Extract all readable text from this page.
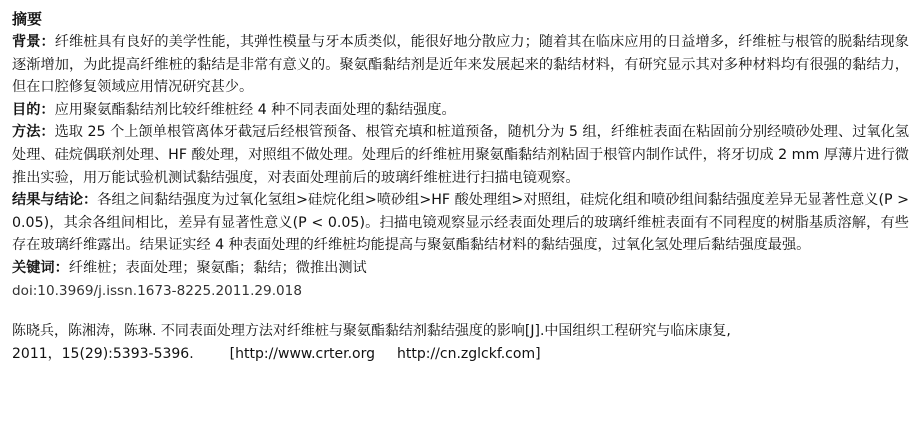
摘要

背景：纤维桩具有良好的美学性能，其弹性模量与牙本质类似，能很好地分散应力；随着其在临床应用的日益增多，纤维桩与根管的脱黏结现象逐渐增加，为此提高纤维桩的黏结是非常有意义的。聚氨酯黏结剂是近年来发展起来的黏结材料，有研究显示其对多种材料均有很强的黏结力，但在口腔修复领域应用情况研究甚少。

目的：应用聚氨酯黏结剂比较纤维桩经 4 种不同表面处理的黏结强度。

方法：选取 25 个上颌单根管离体牙截冠后经根管预备、根管充填和桩道预备，随机分为 5 组，纤维桩表面在粘固前分别经喷砂处理、过氧化氢处理、硅烷偶联剂处理、HF 酸处理，对照组不做处理。处理后的纤维桩用聚氨酯黏结剂粘固于根管内制作试件，将牙切成 2 mm 厚薄片进行微推出实验，用万能试验机测试黏结强度，对表面处理前后的玻璃纤维桩进行扫描电镜观察。

结果与结论：各组之间黏结强度为过氧化氢组>硅烷化组>喷砂组>HF 酸处理组>对照组，硅烷化组和喷砂组间黏结强度差异无显著性意义(P > 0.05)，其余各组间相比，差异有显著性意义(P < 0.05)。扫描电镜观察显示经表面处理后的玻璃纤维桩表面有不同程度的树脂基质溶解，有些存在玻璃纤维露出。结果证实经 4 种表面处理的纤维桩均能提高与聚氨酯黏结材料的黏结强度，过氧化氢处理后黏结强度最强。

关键词：纤维桩；表面处理；聚氨酯；黏结；微推出测试

doi:10.3969/j.issn.1673-8225.2011.29.018

陈晓兵，陈湘涛，陈琳. 不同表面处理方法对纤维桩与聚氨酯黏结剂黏结强度的影响[J].中国组织工程研究与临床康复,

2011，15(29):5393-5396.	[http://www.crter.org http://cn.zglckf.com]
